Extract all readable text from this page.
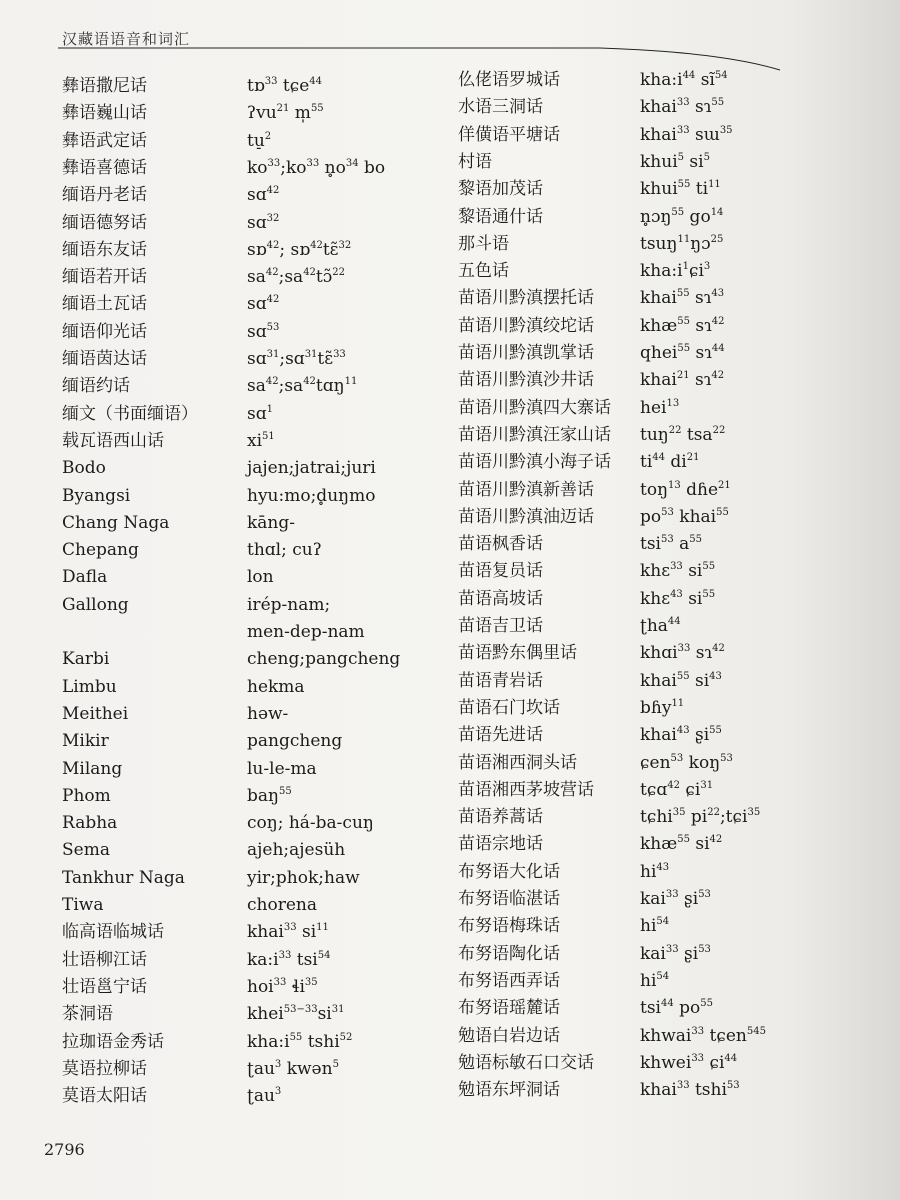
汉藏语语音和词汇
彝语撒尼话	tɒ$^{33}$ tɕe$^{44}$
彝语巍山话	ʔvu$^{21}$ m̩$^{55}$
彝语武定话	tu̠$^2$
彝语喜德话	$ko^{33};ko^{33}$ $n̥o^{34}$ bo
缅语丹老话	sɑ$^{42}$
缅语德努话	sɑ$^{32}$
缅语东友话	sɒ$^{42}$; sɒ$^{42}$tɛ̃$^{32}$
缅语若开话	$sa^{42};sa^{42}tɔ̃^{22}$
缅语土瓦话	sɑ$^{42}$
缅语仰光话	sɑ$^{53}$
缅语茵达话	sɑ$^{31}$;sɑ$^{31}$tɛ̃$^{33}$
缅语约话	$sa^{42};sa^{42}tɑŋ^{11}$
缅文（书面缅语）	sɑ$^1$
载瓦语西山话	$xi^{51}$
Bodo	jajen;jatrai;juri
Byangsi	hyu:mo;d̥uŋmo
Chang Naga	kāng-
Chepang	thɑl; cuʔ
Dafla	lon
Gallong	irép-nam;
men-dep-nam
Karbi	cheng;pangcheng
Limbu	hekma
Meithei	həw-
Mikir	pangcheng
Milang	lu-le-ma
Phom	baŋ$^{55}$
Rabha	coŋ; há-ba-cuŋ
Sema	ajeh;ajesüh
Tankhur Naga	yir;phok;haw
Tiwa	chorena
临高语临城话	khai$^{33}$ $si^{11}$
壮语柳江话	$ka:i^{33}$ tsi$^{54}$
壮语邕宁话	hoi$^{33}$ ɬi$^{35}$
茶洞语	$khei^{53-33}si^{31}$
拉珈语金秀话	$kha:i^{55}$ tshi$^{52}$
莫语拉柳话	ʈau$^3$ kwən$^5$
莫语太阳话	ʈau$^3$
仫佬语罗城话	$kha:i^{44}$ $sĩ^{54}$
水语三洞话	khai$^{33}$ sɿ$^{55}$
佯僙语平塘话	khai$^{33}$ sɯ$^{35}$
村语	khui$^5$ $si^5$
黎语加茂话	khui$^{55}$ $ti^{11}$
黎语通什话	n̥ɔŋ$^{55}$ $go^{14}$
那斗语	tsuŋ$^{11}$ŋɔ$^{25}$
五色话	$kha:i^1ɕi^3$
苗语川黔滇摆托话	khai$^{55}$ sɿ$^{43}$
苗语川黔滇绞坨话	khæ$^{55}$ sɿ$^{42}$
苗语川黔滇凯掌话	qhei$^{55}$ sɿ$^{44}$
苗语川黔滇沙井话	khai$^{21}$ sɿ$^{42}$
苗语川黔滇四大寨话 hei$^{13}$
苗语川黔滇汪家山话 tuŋ$^{22}$ tsa$^{22}$
苗语川黔滇小海子话 $ti^{44}$ $di^{21}$
苗语川黔滇新善话	toŋ$^{13}$ dɦe$^{21}$
苗语川黔滇油迈话	$po^{53}$ khai$^{55}$
苗语枫香话	tsi$^{53}$ $a^{55}$
苗语复员话	khɛ$^{33}$ $si^{55}$
苗语高坡话	khɛ$^{43}$ $si^{55}$
苗语吉卫话	ʈha$^{44}$
苗语黔东偶里话	khɑi$^{33}$ sɿ$^{42}$
苗语青岩话	khai$^{55}$ $si^{43}$
苗语石门坎话	bɦy$^{11}$
苗语先进话	khai$^{43}$ ʂi$^{55}$
苗语湘西洞头话	ɕen$^{53}$ koŋ$^{53}$
苗语湘西茅坡营话	tɕɑ$^{42}$ ɕi$^{31}$
苗语养蒿话	tɕhi$^{35}$ $pi^{22};tɕi^{35}$
苗语宗地话	khæ$^{55}$ $si^{42}$
布努语大化话	$hi^{43}$
布努语临湛话	kai$^{33}$ ʂi$^{53}$
布努语梅珠话	$hi^{54}$
布努语陶化话	kai$^{33}$ ʂi$^{53}$
布努语西弄话	$hi^{54}$
布努语瑶麓话	tsi$^{44}$ $po^{55}$
勉语白岩边话	khwai$^{33}$ tɕen$^{545}$
勉语标敏石口交话	khwei$^{33}$ ɕi$^{44}$
勉语东坪洞话	khai$^{33}$ tshi$^{53}$
2796
